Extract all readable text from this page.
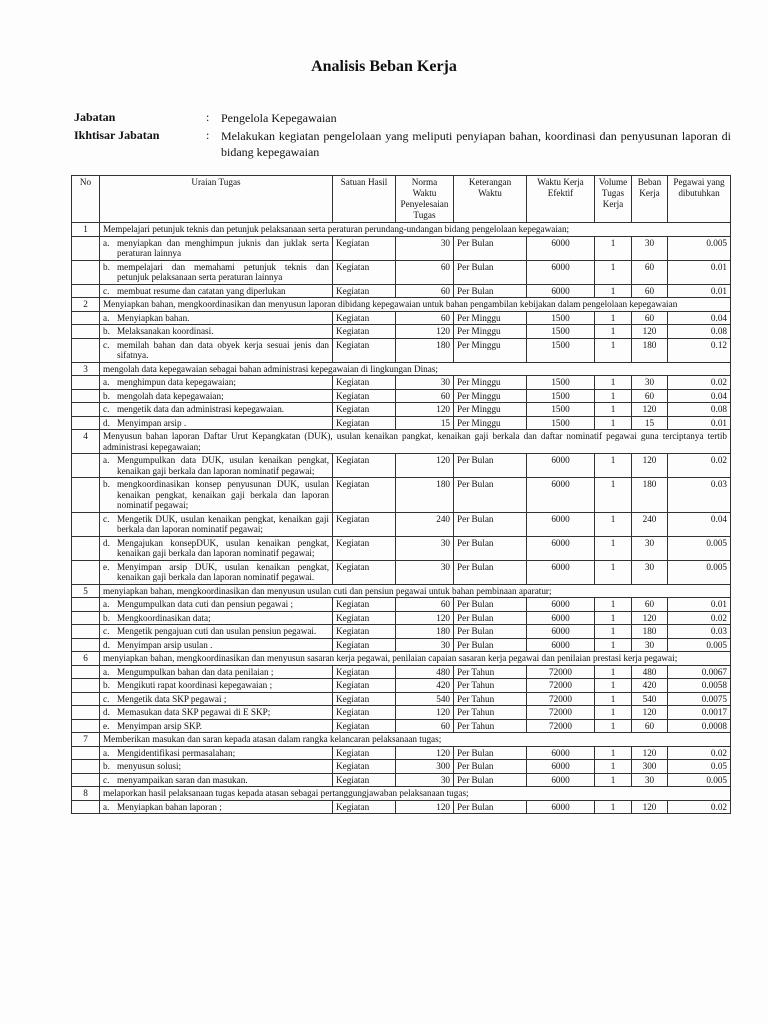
Analisis Beban Kerja
Jabatan	: Pengelola Kepegawaian
Ikhtisar Jabatan	: Melakukan kegiatan pengelolaan yang meliputi penyiapan bahan, koordinasi dan penyusunan laporan di bidang kepegawaian
No	Uraian Tugas	Satuan Hasil	Norma Waktu Penyelesaian Tugas	Keterangan Waktu	Waktu Kerja Efektif	Volume Tugas Kerja	Beban Kerja	Pegawai yang dibutuhkan
1	Mempelajari petunjuk teknis dan petunjuk pelaksanaan serta peraturan perundang-undangan bidang pengelolaan kepegawaian;							

	a. menyiapkan dan menghimpun juknis dan juklak serta peraturan lainnya	Kegiatan	30	Per Bulan	6000	1	30	0.005

	b. mempelajari dan memahami petunjuk teknis dan petunjuk pelaksanaan serta peraturan lainnya	Kegiatan	60	Per Bulan	6000	1	60	0.01

	c. membuat resume dan catatan yang diperlukan	Kegiatan	60	Per Bulan	6000	1	60	0.01
2	Menyiapkan bahan, mengkoordinasikan dan menyusun laporan dibidang kepegawaian untuk bahan pengambilan kebijakan dalam pengelolaan kepegawaian							

	a. Menyiapkan bahan.	Kegiatan	60	Per Minggu	1500	1	60	0.04

	b. Melaksanakan koordinasi.	Kegiatan	120	Per Minggu	1500	1	120	0.08

	c. memilah bahan dan data obyek kerja sesuai jenis dan sifatnya.	Kegiatan	180	Per Minggu	1500	1	180	0.12
3	mengolah data kepegawaian sebagai bahan administrasi kepegawaian di lingkungan Dinas;							

	a. menghimpun data kepegawaian;	Kegiatan	30	Per Minggu	1500	1	30	0.02

	b. mengolah data kepegawaian;	Kegiatan	60	Per Minggu	1500	1	60	0.04

	c. mengetik data dan administrasi kepegawaian.	Kegiatan	120	Per Minggu	1500	1	120	0.08

	d. Menyimpan arsip .	Kegiatan	15	Per Minggu	1500	1	15	0.01
4	Menyusun bahan laporan Daftar Urut Kepangkatan (DUK), usulan kenaikan pangkat, kenaikan gaji berkala dan daftar nominatif pegawai guna terciptanya tertib administrasi kepegawaian;							

	a. Mengumpulkan data DUK, usulan kenaikan pengkat, kenaikan gaji berkala dan laporan nominatif pegawai;	Kegiatan	120	Per Bulan	6000	1	120	0.02

	b. mengkoordinasikan konsep penyusunan DUK, usulan kenaikan pengkat, kenaikan gaji berkala dan laporan nominatif pegawai;	Kegiatan	180	Per Bulan	6000	1	180	0.03

	c. Mengetik DUK, usulan kenaikan pengkat, kenaikan gaji berkala dan laporan nominatif pegawai;	Kegiatan	240	Per Bulan	6000	1	240	0.04

	d. Mengajukan konsepDUK, usulan kenaikan pengkat, kenaikan gaji berkala dan laporan nominatif pegawai;	Kegiatan	30	Per Bulan	6000	1	30	0.005

	e. Menyimpan arsip DUK, usulan kenaikan pengkat, kenaikan gaji berkala dan laporan nominatif pegawai.	Kegiatan	30	Per Bulan	6000	1	30	0.005
5	menyiapkan bahan, mengkoordinasikan dan menyusun usulan cuti dan pensiun pegawai untuk bahan pembinaan aparatur;							

	a. Mengumpulkan data cuti dan pensiun pegawai ;	Kegiatan	60	Per Bulan	6000	1	60	0.01

	b. Mengkoordinasikan data;	Kegiatan	120	Per Bulan	6000	1	120	0.02

	c. Mengetik pengajuan cuti dan usulan pensiun pegawai.	Kegiatan	180	Per Bulan	6000	1	180	0.03

	d. Menyimpan arsip usulan .	Kegiatan	30	Per Bulan	6000	1	30	0.005
6	menyiapkan bahan, mengkoordinasikan dan menyusun sasaran kerja pegawai, penilaian capaian sasaran kerja pegawai dan penilaian prestasi kerja pegawai;							

	a. Mengumpulkan bahan dan data penilaian ;	Kegiatan	480	Per Tahun	72000	1	480	0.0067

	b. Mengikuti rapat koordinasi kepegawaian ;	Kegiatan	420	Per Tahun	72000	1	420	0.0058

	c. Mengetik data SKP pegawai ;	Kegiatan	540	Per Tahun	72000	1	540	0.0075

	d. Memasukan data SKP pegawai di E SKP;	Kegiatan	120	Per Tahun	72000	1	120	0.0017

	e. Menyimpan arsip SKP.	Kegiatan	60	Per Tahun	72000	1	60	0.0008
7	Memberikan masukan dan saran kepada atasan dalam rangka kelancaran pelaksanaan tugas;							

	a. Mengidentifikasi permasalahan;	Kegiatan	120	Per Bulan	6000	1	120	0.02

	b. menyusun solusi;	Kegiatan	300	Per Bulan	6000	1	300	0.05

	c. menyampaikan saran dan masukan.	Kegiatan	30	Per Bulan	6000	1	30	0.005
8	melaporkan hasil pelaksanaan tugas kepada atasan sebagai pertanggungjawaban pelaksanaan tugas;							

	a. Menyiapkan bahan laporan ;	Kegiatan	120	Per Bulan	6000	1	120	0.02
